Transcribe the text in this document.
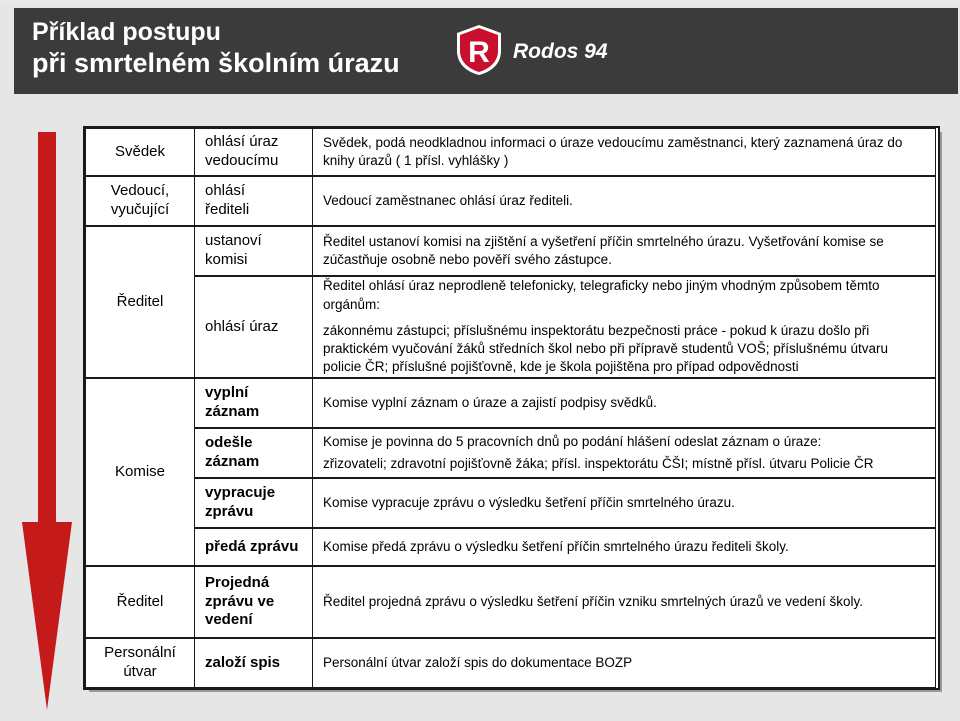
Příklad postupu
při smrtelném školním úrazu R Rodos 94
Svědek
Vedoucí, vyučující
Ředitel
Komise
Ředitel
Personální útvar
ohlásí úraz vedoucímu
ohlásí řediteli
ustanoví komisi
ohlásí úraz
vyplní záznam
odešle záznam
vypracuje zprávu
předá zprávu
Projedná zprávu ve vedení
založí spis

Svědek, podá neodkladnou informaci o úraze vedoucímu zaměstnanci, který zaznamená úraz do knihy úrazů ( 1 přísl. vyhlášky )

Vedoucí zaměstnanec ohlásí úraz řediteli.

Ředitel ustanoví komisi na zjištění a vyšetření příčin smrtelného úrazu. Vyšetřování komise se zúčastňuje osobně nebo pověří svého zástupce.

Ředitel ohlásí úraz neprodleně telefonicky, telegraficky nebo jiným vhodným způsobem těmto orgánům:

zákonnému zástupci; příslušnému inspektorátu bezpečnosti práce - pokud k úrazu došlo při praktickém vyučování žáků středních škol nebo při přípravě studentů VOŠ; příslušnému útvaru policie ČR; příslušné pojišťovně, kde je škola pojištěna pro případ odpovědnosti

Komise vyplní záznam o úraze a zajistí podpisy svědků.

Komise je povinna do 5 pracovních dnů po podání hlášení odeslat záznam o úraze:

zřizovateli; zdravotní pojišťovně žáka; přísl. inspektorátu ČŠI; místně přísl. útvaru Policie ČR

Komise vypracuje zprávu o výsledku šetření příčin smrtelného úrazu.

Komise předá zprávu o výsledku šetření příčin smrtelného úrazu řediteli školy.

Ředitel projedná zprávu o výsledku šetření příčin vzniku smrtelných úrazů ve vedení školy.

Personální útvar založí spis do dokumentace BOZP
